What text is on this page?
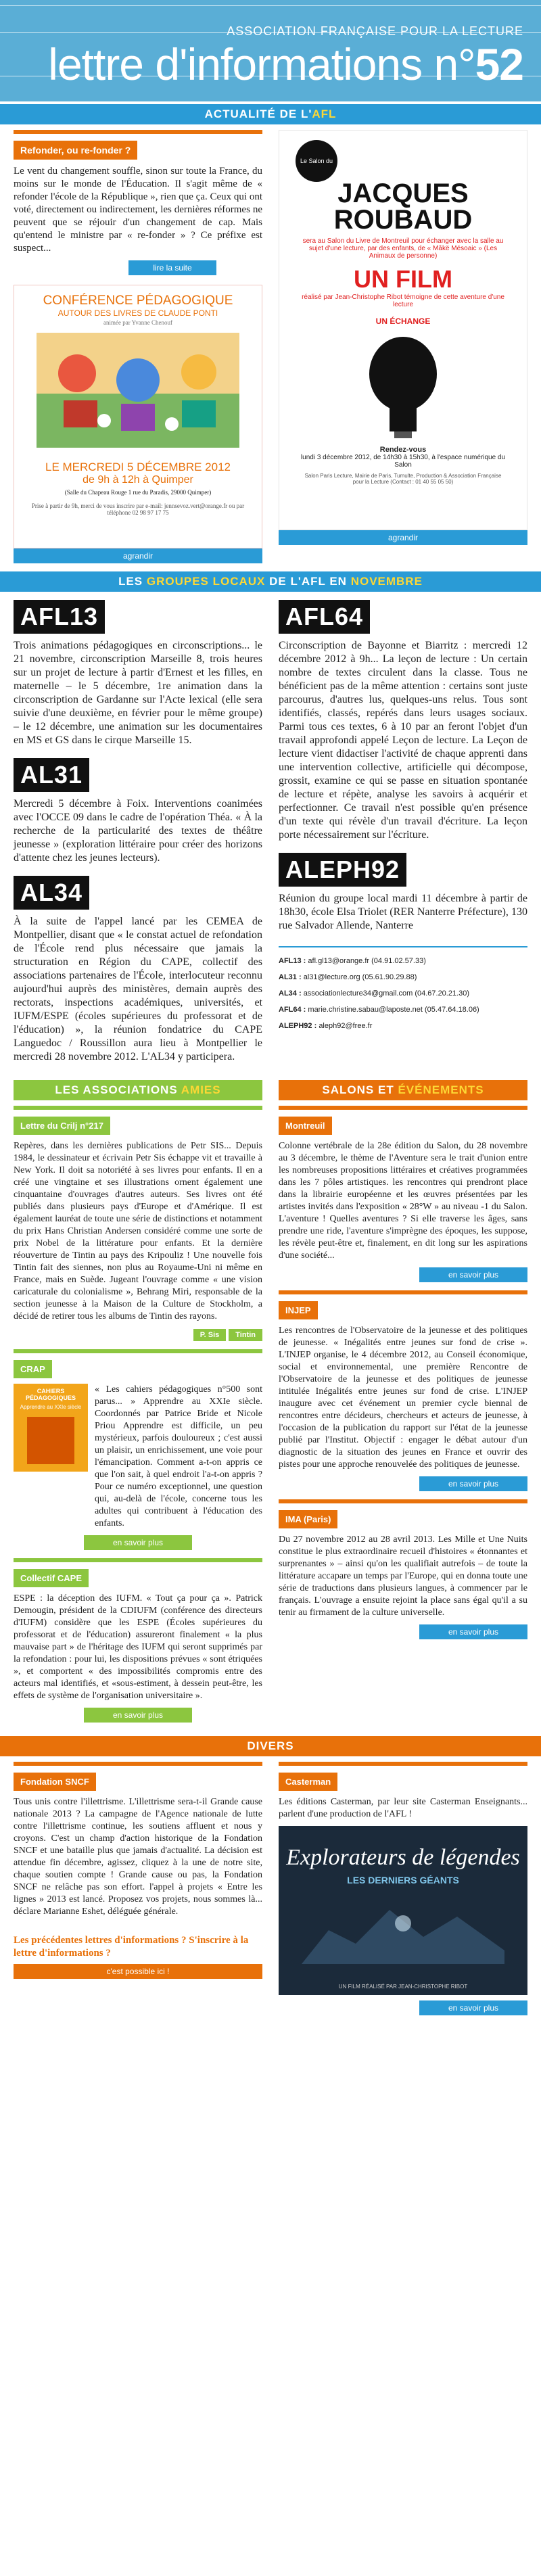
ASSOCIATION FRANÇAISE POUR LA LECTURE
lettre d'informations n°52
ACTUALITÉ DE L'AFL
Refonder, ou re-fonder ?
Le vent du changement souffle, sinon sur toute la France, du moins sur le monde de l'Éducation. Il s'agit même de « refonder l'école de la République », rien que ça. Ceux qui ont voté, directement ou indirectement, les dernières réformes ne peuvent que se réjouir d'un changement de cap. Mais qu'entend le ministre par « re-fonder » ? Ce préfixe est suspect...
lire la suite
CONFÉRENCE PÉDAGOGIQUE
AUTOUR DES LIVRES DE CLAUDE PONTI
animée par Yvanne Chenouf
LE MERCREDI 5 DÉCEMBRE 2012
de 9h à 12h à Quimper
(Salle du Chapeau Rouge 1 rue du Paradis, 29000 Quimper)
Prise à partir de 9h, merci de vous inscrire par e-mail: jennsevoz.vert@orange.fr ou par téléphone 02 98 97 17 75
agrandir
Le Salon du Livre JACQUES
ROUBAUD
sera au Salon du Livre de Montreuil pour échanger avec la salle au sujet d'une lecture, par des enfants, de « Mâkë Mésoaic » (Les Animaux de personne)
UN FILM
réalisé par Jean-Christophe Ribot témoigne de cette aventure d'une lecture
UN ÉCHANGE
Rendez-vous
lundi 3 décembre 2012, de 14h30 à 15h30, à l'espace numérique du Salon
Salon Paris Lecture, Mairie de Paris, Tumulte, Production & Association Française pour la Lecture (Contact : 01 40 55 05 50)
agrandir
LES GROUPES LOCAUX DE L'AFL EN NOVEMBRE
AFL13
Trois animations pédagogiques en circonscriptions... le 21 novembre, circonscription Marseille 8, trois heures sur un projet de lecture à partir d'Ernest et les filles, en maternelle – le 5 décembre, 1re animation dans la circonscription de Gardanne sur l'Acte lexical (elle sera suivie d'une deuxième, en février pour le même groupe) – le 12 décembre, une animation sur les documentaires en MS et GS dans le cirque Marseille 15.
AL31
Mercredi 5 décembre à Foix. Interventions coanimées avec l'OCCE 09 dans le cadre de l'opération Théa. « À la recherche de la particularité des textes de théâtre jeunesse » (exploration littéraire pour créer des horizons d'attente chez les jeunes lecteurs).
AL34
À la suite de l'appel lancé par les CEMEA de Montpellier, disant que « le constat actuel de refondation de l'École rend plus nécessaire que jamais la structuration en Région du CAPE, collectif des associations partenaires de l'École, interlocuteur reconnu aujourd'hui auprès des ministères, demain auprès des rectorats, inspections académiques, universités, et IUFM/ESPE (écoles supérieures du professorat et de l'éducation) », la réunion fondatrice du CAPE Languedoc / Roussillon aura lieu à Montpellier le mercredi 28 novembre 2012. L'AL34 y participera.
AFL64
Circonscription de Bayonne et Biarritz : mercredi 12 décembre 2012 à 9h... La leçon de lecture : Un certain nombre de textes circulent dans la classe. Tous ne bénéficient pas de la même attention : certains sont juste parcourus, d'autres lus, quelques-uns relus. Tous sont identifiés, classés, repérés dans leurs usages sociaux. Parmi tous ces textes, 6 à 10 par an feront l'objet d'un travail approfondi appelé Leçon de lecture. La Leçon de lecture vient didactiser l'activité de chaque apprenti dans une intervention collective, artificielle qui décompose, grossit, examine ce qui se passe en situation spontanée de lecture et répète, analyse les savoirs à acquérir et perfectionner. Ce travail n'est possible qu'en présence d'un texte qui révèle d'un travail d'écriture. La leçon porte nécessairement sur l'écriture.
ALEPH92
Réunion du groupe local mardi 11 décembre à partir de 18h30, école Elsa Triolet (RER Nanterre Préfecture), 130 rue Salvador Allende, Nanterre
AFL13 : afl.gl13@orange.fr (04.91.02.57.33)
AL31 : al31@lecture.org (05.61.90.29.88)
AL34 : associationlecture34@gmail.com (04.67.20.21.30)
AFL64 : marie.christine.sabau@laposte.net (05.47.64.18.06)
ALEPH92 : aleph92@free.fr
LES ASSOCIATIONS AMIES
Lettre du Crilj n°217
Repères, dans les dernières publications de Petr SIS... Depuis 1984, le dessinateur et écrivain Petr Sis échappe vit et travaille à New York. Il doit sa notoriété à ses livres pour enfants. Il en a créé une vingtaine et ses illustrations ornent également une cinquantaine d'ouvrages d'autres auteurs. Ses livres ont été publiés dans plusieurs pays d'Europe et d'Amérique. Il est également lauréat de toute une série de distinctions et notamment du prix Hans Christian Andersen considéré comme une sorte de prix Nobel de la littérature pour enfants. Et la dernière réouverture de Tintin au pays des Kripouliz ! Une nouvelle fois Tintin fait des siennes, non plus au Royaume-Uni ni même en France, mais en Suède. Jugeant l'ouvrage comme « une vision caricaturale du colonialisme », Behrang Miri, responsable de la section jeunesse à la Maison de la Culture de Stockholm, a décidé de retirer tous les albums de Tintin des rayons.
P. Sis Tintin
CRAP
CAHIERS PÉDAGOGIQUES
Apprendre au XXIe siècle
« Les cahiers pédagogiques n°500 sont parus... » Apprendre au XXIe siècle. Coordonnés par Patrice Bride et Nicole Priou Apprendre est difficile, un peu mystérieux, parfois douloureux ; c'est aussi un plaisir, un enrichissement, une voie pour l'émancipation. Comment a-t-on appris ce que l'on sait, à quel endroit l'a-t-on appris ? Pour ce numéro exceptionnel, une question qui, au-delà de l'école, concerne tous les adultes qui contribuent à l'éducation des enfants.
en savoir plus
Collectif CAPE
ESPE : la déception des IUFM. « Tout ça pour ça ». Patrick Demougin, président de la CDIUFM (conférence des directeurs d'IUFM) considère que les ESPE (Écoles supérieures du professorat et de l'éducation) assureront finalement « la plus mauvaise part » de l'héritage des IUFM qui seront supprimés par la refondation : pour lui, les dispositions prévues « sont étriquées », et comportent « des impossibilités compromis entre des acteurs mal identifiés, et «sous-estiment, à dessein peut-être, les effets de système de l'organisation universitaire ».
en savoir plus
SALONS ET ÉVÉNEMENTS
Montreuil
Colonne vertébrale de la 28e édition du Salon, du 28 novembre au 3 décembre, le thème de l'Aventure sera le trait d'union entre les nombreuses propositions littéraires et créatives programmées dans les 7 pôles artistiques. les rencontres qui prendront place dans la librairie européenne et les œuvres présentées par les artistes invités dans l'exposition « 28°W » au niveau -1 du Salon. L'aventure ! Quelles aventures ? Si elle traverse les âges, sans prendre une ride, l'aventure s'imprègne des époques, les suppose, les révèle peut-être et, finalement, en dit long sur les aspirations d'une société...
en savoir plus
INJEP
Les rencontres de l'Observatoire de la jeunesse et des politiques de jeunesse. « Inégalités entre jeunes sur fond de crise ». L'INJEP organise, le 4 décembre 2012, au Conseil économique, social et environnemental, une première Rencontre de l'Observatoire de la jeunesse et des politiques de jeunesse intitulée Inégalités entre jeunes sur fond de crise. L'INJEP inaugure avec cet événement un premier cycle biennal de rencontres entre décideurs, chercheurs et acteurs de jeunesse, à l'occasion de la publication du rapport sur l'état de la jeunesse publié par l'Institut. Objectif : engager le débat autour d'un diagnostic de la situation des jeunes en France et ouvrir des pistes pour une approche renouvelée des politiques de jeunesse.
en savoir plus
IMA (Paris)
Du 27 novembre 2012 au 28 avril 2013. Les Mille et Une Nuits constitue le plus extraordinaire recueil d'histoires « étonnantes et surprenantes » – ainsi qu'on les qualifiait autrefois – de toute la littérature accapare un temps par l'Europe, qui en donna toute une série de traductions dans plusieurs langues, à commencer par le français. L'ouvrage a ensuite rejoint la place sans égal qu'il a su tenir au firmament de la culture universelle.
en savoir plus
DIVERS
Fondation SNCF
Tous unis contre l'illettrisme. L'illettrisme sera-t-il Grande cause nationale 2013 ? La campagne de l'Agence nationale de lutte contre l'illettrisme continue, les soutiens affluent et nous y croyons. C'est un champ d'action historique de la Fondation SNCF et une bataille plus que jamais d'actualité. La décision est attendue fin décembre, agissez, cliquez à la une de notre site, chaque soutien compte ! Grande cause ou pas, la Fondation SNCF ne relâche pas son effort. l'appel à projets « Entre les lignes » 2013 est lancé. Proposez vos projets, nous sommes là... déclare Marianne Eshet, déléguée générale.
Les précédentes lettres d'informations ? S'inscrire à la lettre d'informations ?
c'est possible ici !
Casterman
Les éditions Casterman, par leur site Casterman Enseignants... parlent d'une production de l'AFL !
Explorateurs de légendes
LES DERNIERS GÉANTS
UN FILM RÉALISÉ PAR JEAN-CHRISTOPHE RIBOT
en savoir plus
